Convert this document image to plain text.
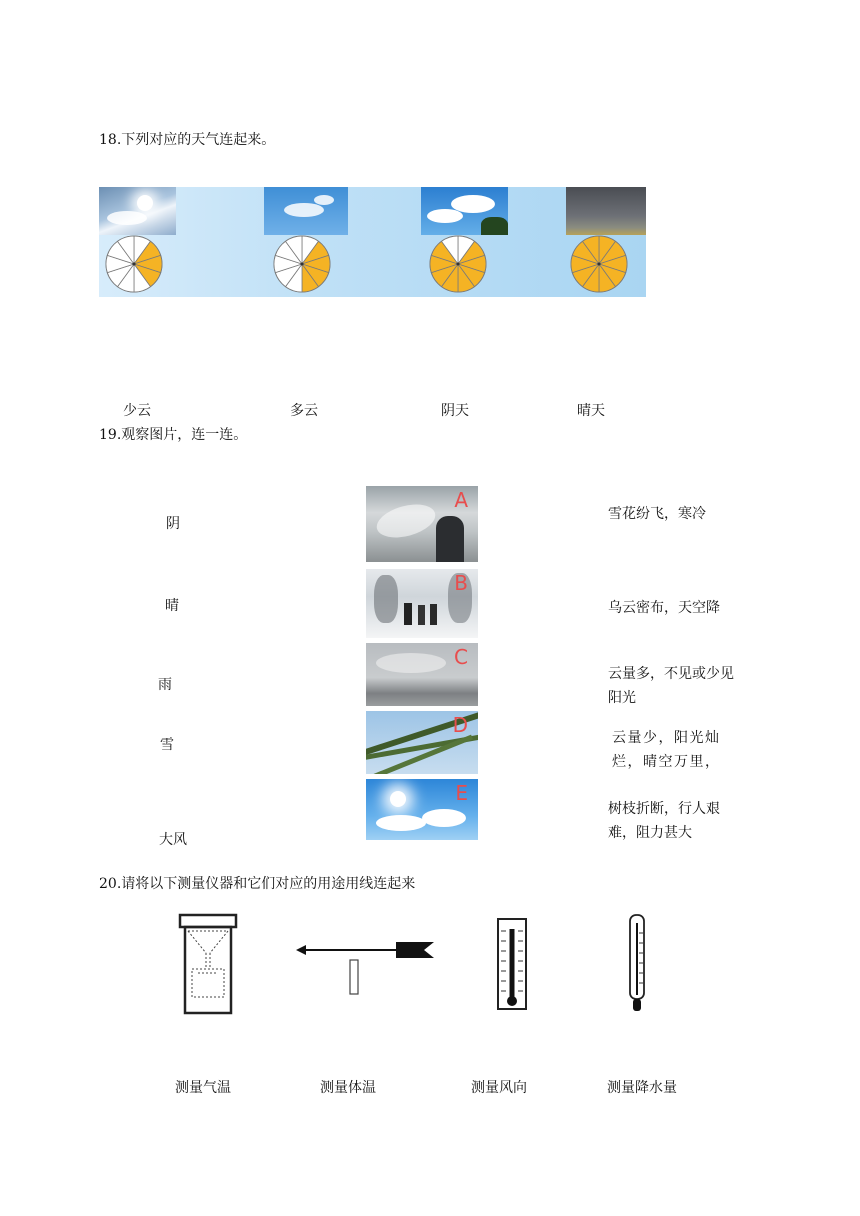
18.下列对应的天气连起来。
少云	多云	阴天	晴天
19.观察图片，连一连。
阴
晴
雨
雪
大风
A
B
C
D
E
雪花纷飞，寒冷
乌云密布，天空降
云量多，不见或少见阳光
云量少，阳光灿烂，晴空万里，
树枝折断，行人艰难，阻力甚大
20.请将以下测量仪器和它们对应的用途用线连起来
测量气温	测量体温	测量风向	测量降水量
